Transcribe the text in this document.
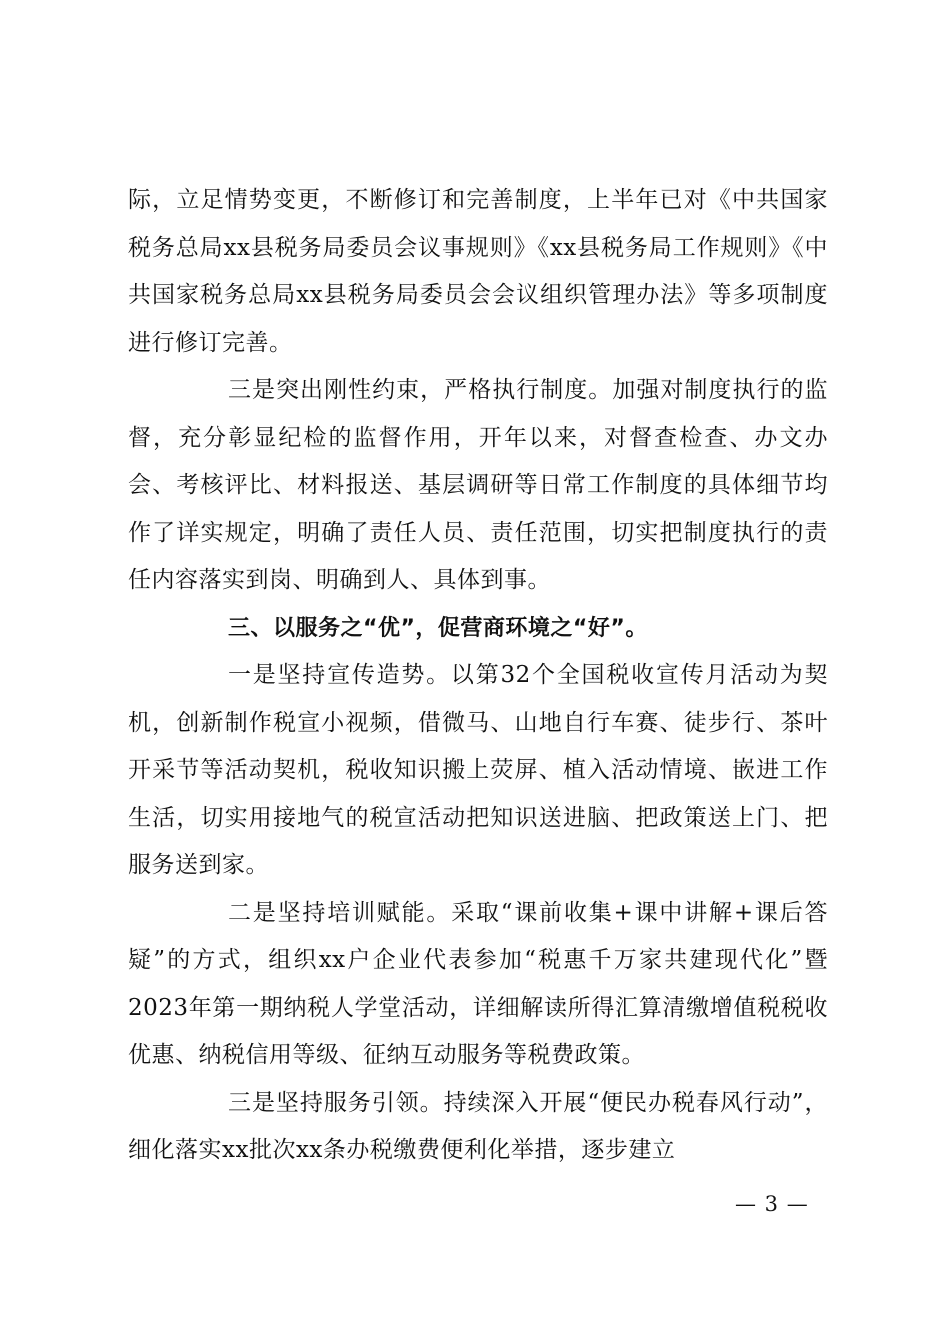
际，立足情势变更，不断修订和完善制度，上半年已对《中共国家税务总局xx县税务局委员会议事规则》《xx县税务局工作规则》《中共国家税务总局xx县税务局委员会会议组织管理办法》等多项制度进行修订完善。

三是突出刚性约束，严格执行制度。加强对制度执行的监督，充分彰显纪检的监督作用，开年以来，对督查检查、办文办会、考核评比、材料报送、基层调研等日常工作制度的具体细节均作了详实规定，明确了责任人员、责任范围，切实把制度执行的责任内容落实到岗、明确到人、具体到事。

三、以服务之“优”，促营商环境之“好”。

一是坚持宣传造势。以第32个全国税收宣传月活动为契机，创新制作税宣小视频，借微马、山地自行车赛、徒步行、茶叶开采节等活动契机，税收知识搬上荧屏、植入活动情境、嵌进工作生活，切实用接地气的税宣活动把知识送进脑、把政策送上门、把服务送到家。

二是坚持培训赋能。采取“课前收集+课中讲解+课后答疑”的方式，组织xx户企业代表参加“税惠千万家共建现代化”暨2023年第一期纳税人学堂活动，详细解读所得汇算清缴增值税税收优惠、纳税信用等级、征纳互动服务等税费政策。

三是坚持服务引领。持续深入开展“便民办税春风行动”，细化落实xx批次xx条办税缴费便利化举措，逐步建立

— 3 —
